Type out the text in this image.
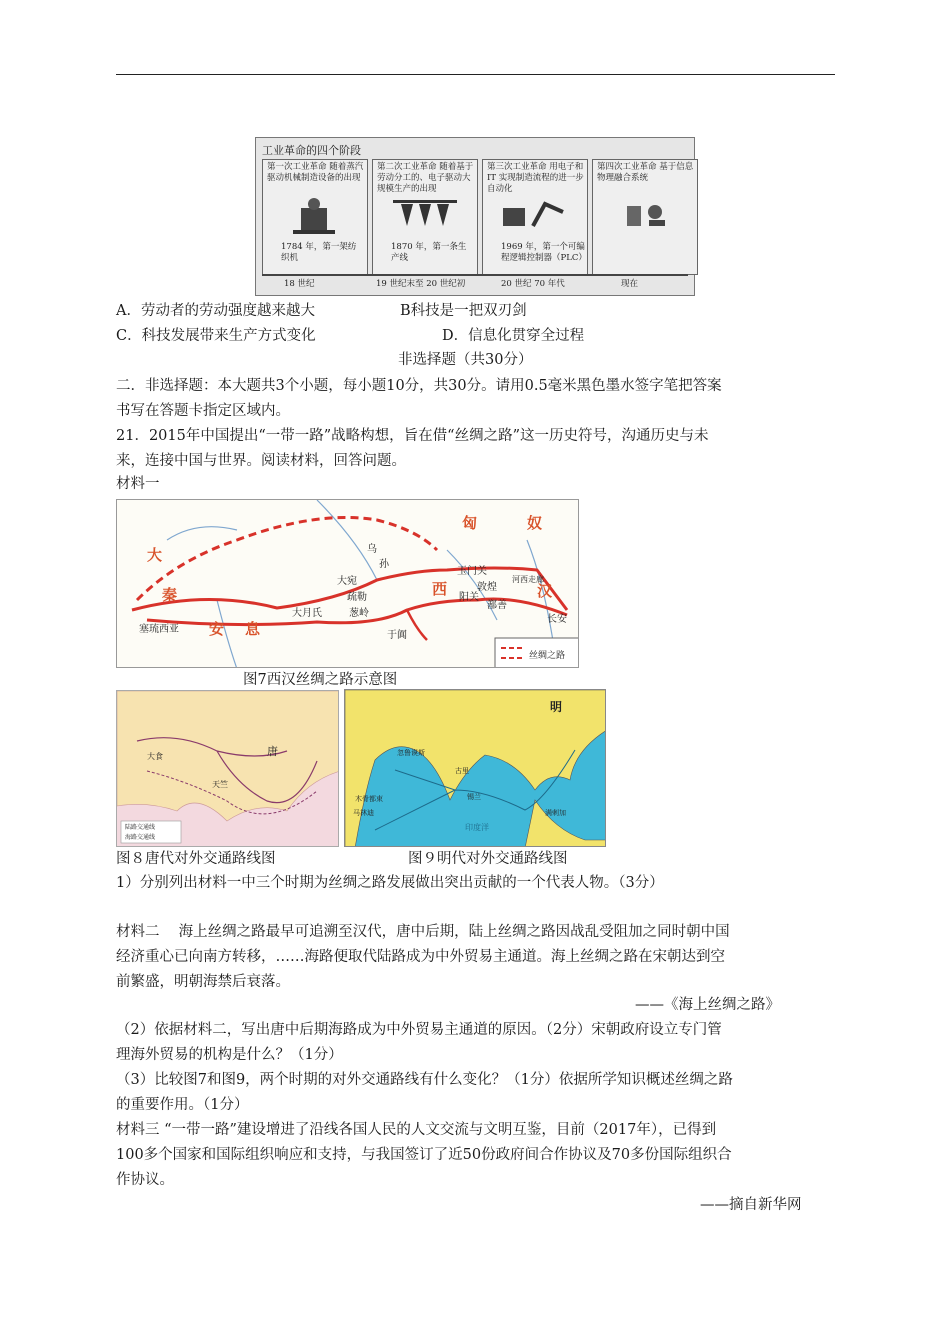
工业革命的四个阶段
第一次工业革命 随着蒸汽驱动机械制造设备的出现
1784 年，第一架纺织机
第二次工业革命 随着基于劳动分工的、电子驱动大规模生产的出现
1870 年，第一条生产线
第三次工业革命 用电子和 IT 实现制造流程的进一步自动化
1969 年，第一个可编程逻辑控制器（PLC）
第四次工业革命 基于信息物理融合系统
18 世纪	19 世纪末至 20 世纪初	20 世纪 70 年代	现在
A．劳动者的劳动强度越来越大	B科技是一把双刃剑
C．科技发展带来生产方式变化	D．信息化贯穿全过程
非选择题（共30分）
二．非选择题：本大题共3个小题，每小题10分，共30分。请用0.5毫米黑色墨水签字笔把答案
书写在答题卡指定区域内。
21．2015年中国提出“一带一路”战略构想，旨在借“丝绸之路”这一历史符号，沟通历史与未
来，连接中国与世界。阅读材料，回答问题。
材料一
匈	奴
乌
孙
大宛
玉门关
敦煌
阳关
河西走廊
汉
长安
大
秦
塞琉西亚 安 息
西
疏勒
葱岭
大月氏
于阗
鄯善
丝绸之路
图7西汉丝绸之路示意图
唐
天竺
大食
陆路交通线
海路交通线
明
古里
忽鲁谟斯
锡兰
木骨都束
马林迪	满剌加
印度洋
图８唐代对外交通路线图	图９明代对外交通路线图
1）分别列出材料一中三个时期为丝绸之路发展做出突出贡献的一个代表人物。（3分）
材料二　 海上丝绸之路最早可追溯至汉代，唐中后期，陆上丝绸之路因战乱受阻加之同时朝中国
经济重心已向南方转移，……海路便取代陆路成为中外贸易主通道。海上丝绸之路在宋朝达到空
前繁盛，明朝海禁后衰落。
——《海上丝绸之路》
（2）依据材料二，写出唐中后期海路成为中外贸易主通道的原因。（2分）宋朝政府设立专门管
理海外贸易的机构是什么？（1分）
（3）比较图7和图9，两个时期的对外交通路线有什么变化？（1分）依据所学知识概述丝绸之路
的重要作用。（1分）
材料三 “一带一路”建设增进了沿线各国人民的人文交流与文明互鉴，目前（2017年），已得到
100多个国家和国际组织响应和支持，与我国签订了近50份政府间合作协议及70多份国际组织合
作协议。
——摘自新华网
